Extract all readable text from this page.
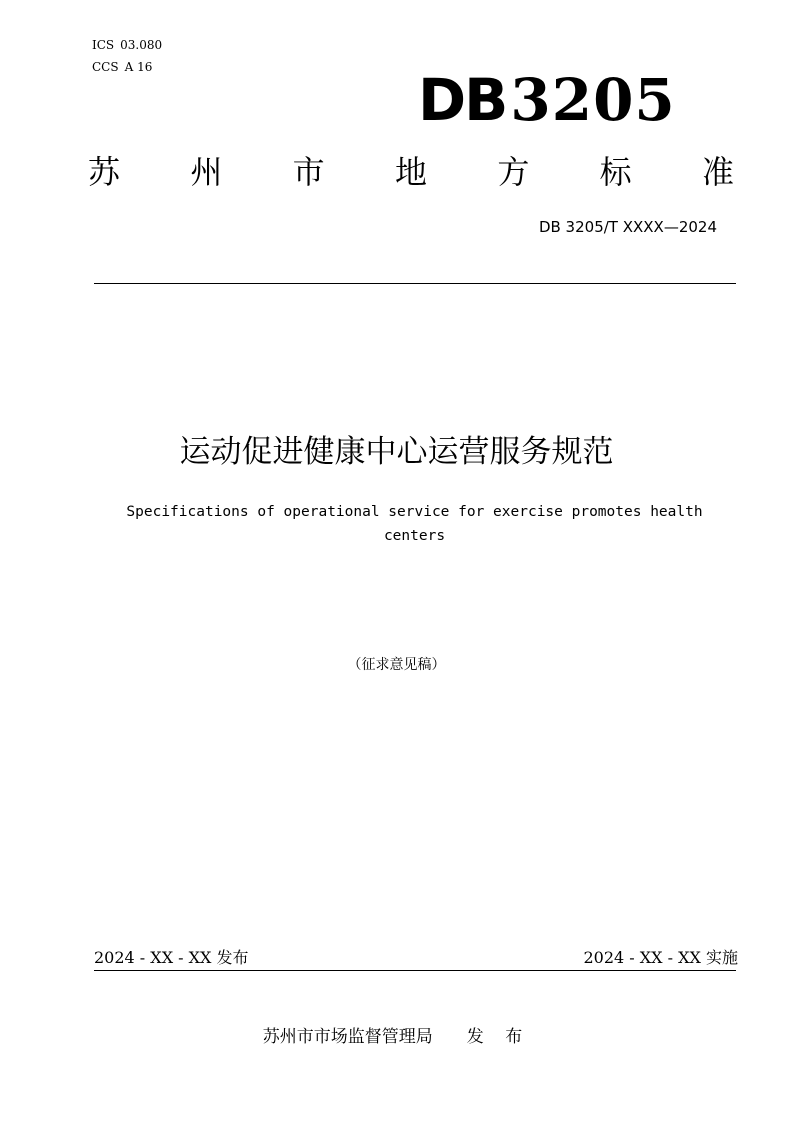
ICS 03.080
CCS A 16	DB3205
苏 州 市 地 方 标 准
DB 3205/T XXXX—2024
运动促进健康中心运营服务规范
Specifications of operational service for exercise promotes health centers
（征求意见稿）
2024 - XX - XX 发布	2024 - XX - XX 实施
苏州市市场监督管理局 发 布
